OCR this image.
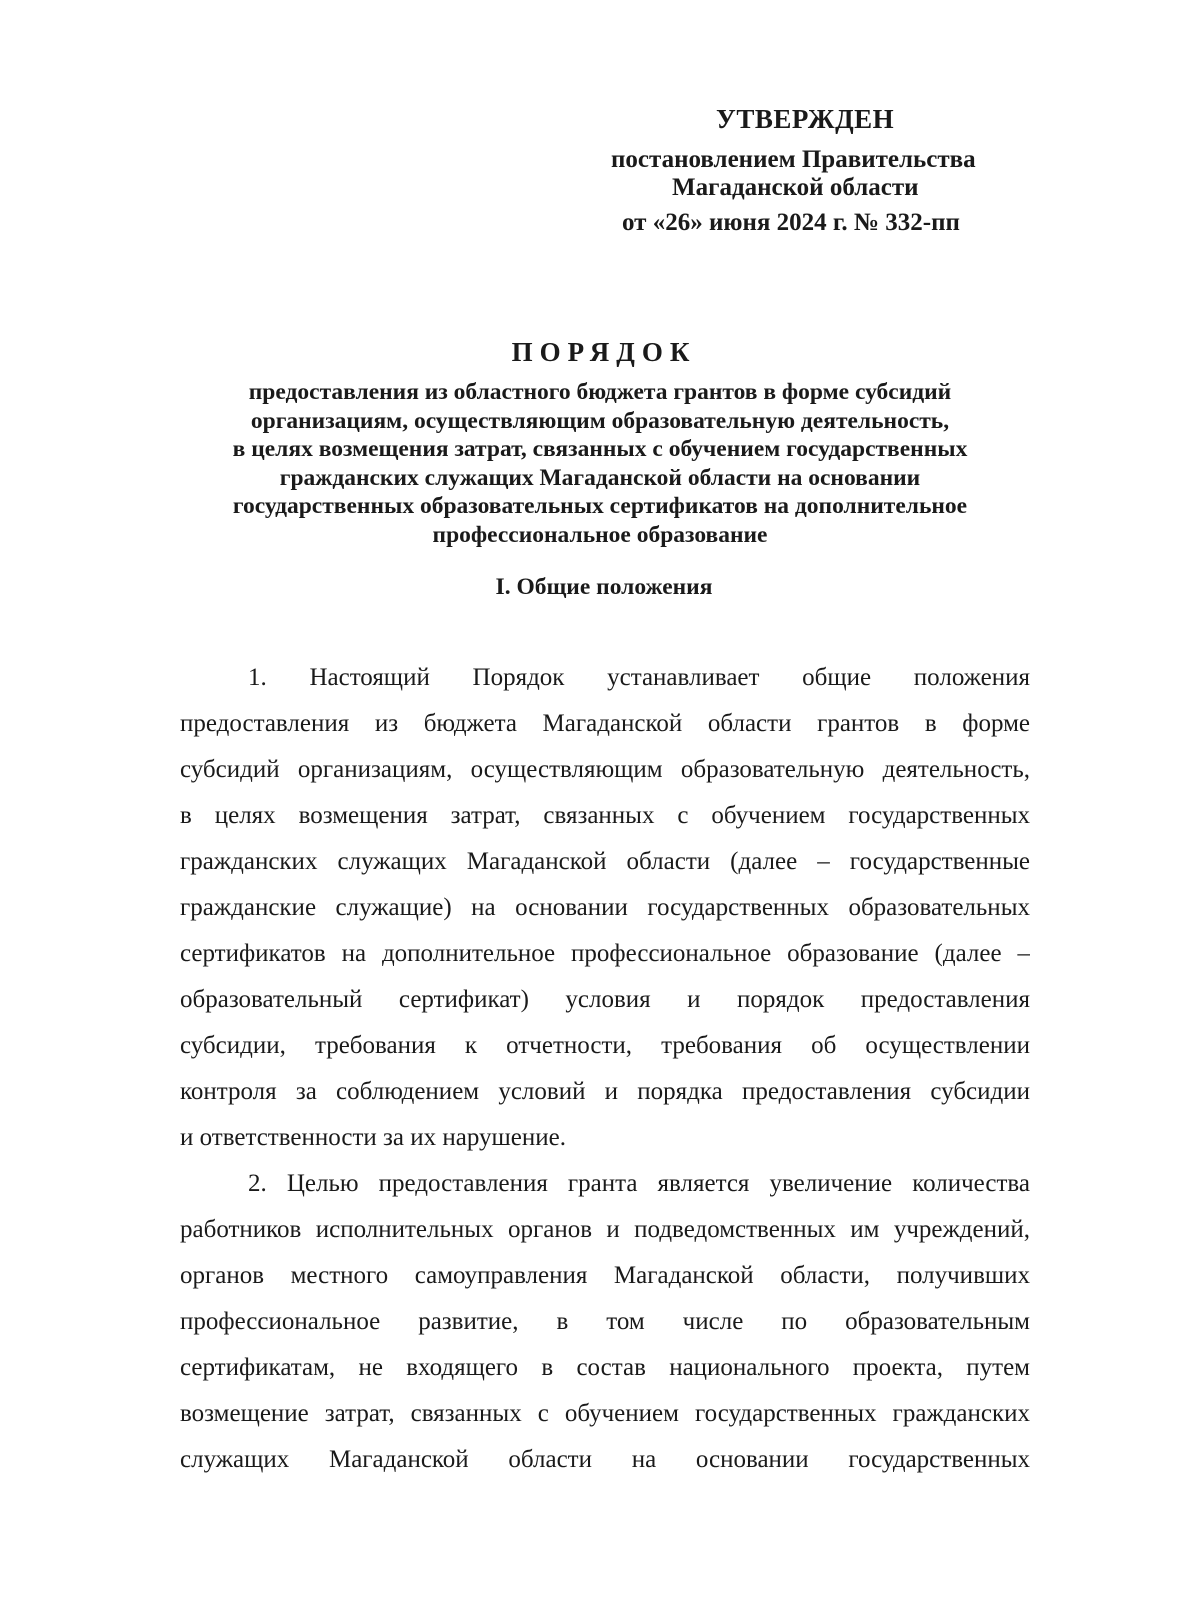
УТВЕРЖДЕН
постановлением Правительства
Магаданской области
от «26» июня 2024 г. № 332-пп
ПОРЯДОК
предоставления из областного бюджета грантов в форме субсидий
организациям, осуществляющим образовательную деятельность,
в целях возмещения затрат, связанных с обучением государственных
гражданских служащих Магаданской области на основании
государственных образовательных сертификатов на дополнительное
профессиональное образование
I. Общие положения
1. Настоящий Порядок устанавливает общие положения
предоставления из бюджета Магаданской области грантов в форме
субсидий организациям, осуществляющим образовательную деятельность,
в целях возмещения затрат, связанных с обучением государственных
гражданских служащих Магаданской области (далее – государственные
гражданские служащие) на основании государственных образовательных
сертификатов на дополнительное профессиональное образование (далее –
образовательный сертификат) условия и порядок предоставления
субсидии, требования к отчетности, требования об осуществлении
контроля за соблюдением условий и порядка предоставления субсидии
и ответственности за их нарушение.
2. Целью предоставления гранта является увеличение количества
работников исполнительных органов и подведомственных им учреждений,
органов местного самоуправления Магаданской области, получивших
профессиональное развитие, в том числе по образовательным
сертификатам, не входящего в состав национального проекта, путем
возмещение затрат, связанных с обучением государственных гражданских
служащих Магаданской области на основании государственных
